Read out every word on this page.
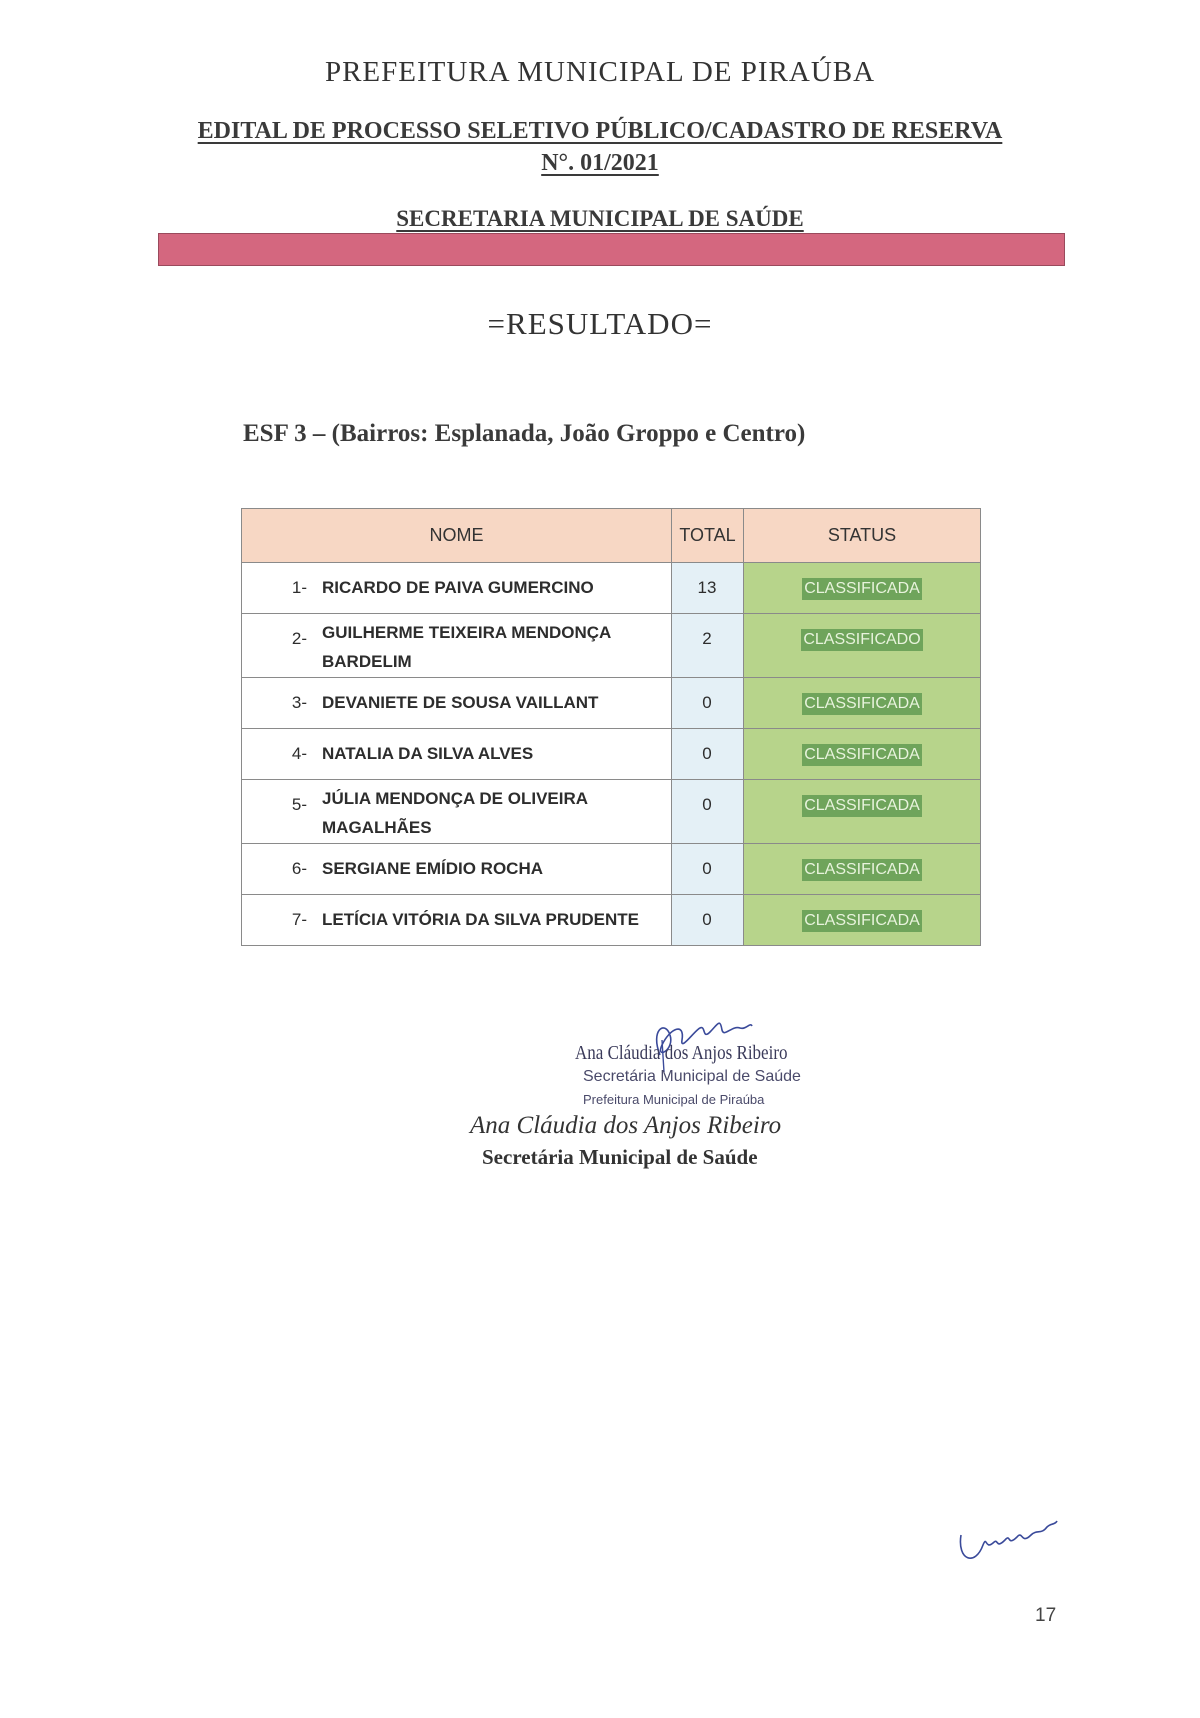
PREFEITURA MUNICIPAL DE PIRAÚBA
EDITAL DE PROCESSO SELETIVO PÚBLICO/CADASTRO DE RESERVA
N°. 01/2021
SECRETARIA MUNICIPAL DE SAÚDE
=RESULTADO=
ESF 3 – (Bairros: Esplanada, João Groppo e Centro)
NOME		TOTAL	STATUS
1-	RICARDO DE PAIVA GUMERCINO	13	CLASSIFICADA
2-	GUILHERME TEIXEIRA MENDONÇA BARDELIM	2	CLASSIFICADO
3-	DEVANIETE DE SOUSA VAILLANT	0	CLASSIFICADA
4-	NATALIA DA SILVA ALVES	0	CLASSIFICADA
5-	JÚLIA MENDONÇA DE OLIVEIRA MAGALHÃES	0	CLASSIFICADA
6-	SERGIANE EMÍDIO ROCHA	0	CLASSIFICADA
7-	LETÍCIA VITÓRIA DA SILVA PRUDENTE	0	CLASSIFICADA
Ana Cláudia dos Anjos Ribeiro
Secretária Municipal de Saúde
Prefeitura Municipal de Piraúba
Ana Cláudia dos Anjos Ribeiro
Secretária Municipal de Saúde
17
